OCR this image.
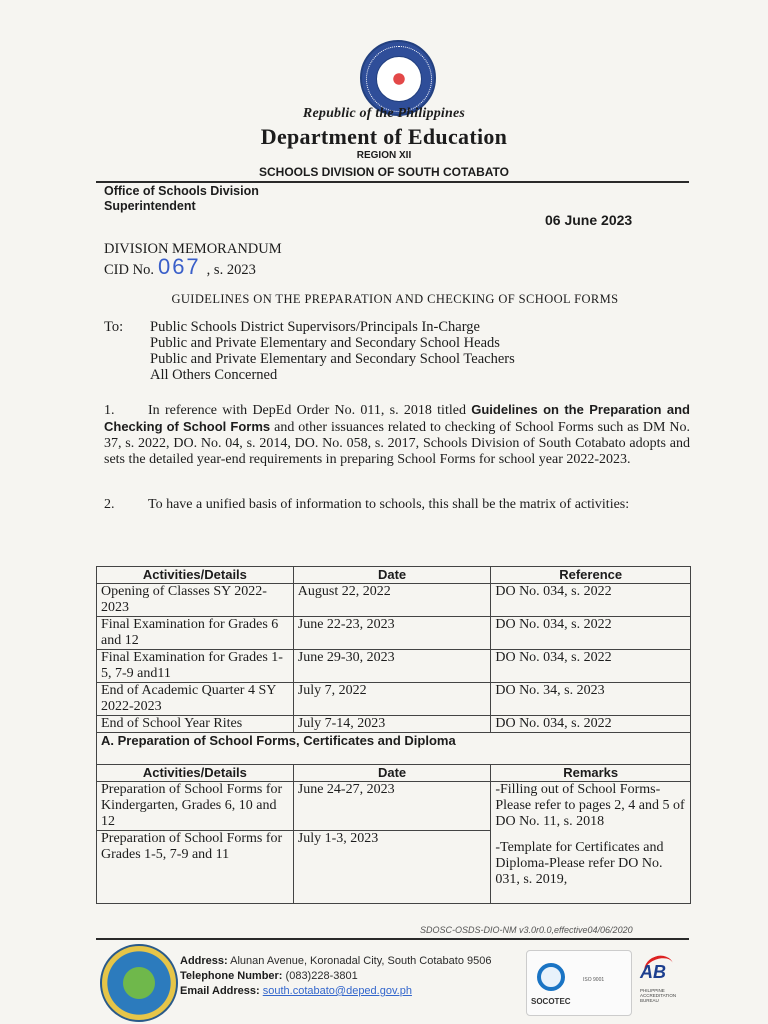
Republic of the Philippines
Department of Education
REGION XII
SCHOOLS DIVISION OF SOUTH COTABATO
Office of Schools Division
Superintendent
06 June 2023
DIVISION MEMORANDUM
CID No. 067 , s. 2023
GUIDELINES ON THE PREPARATION AND CHECKING OF SCHOOL FORMS
To: Public Schools District Supervisors/Principals In-Charge
Public and Private Elementary and Secondary School Heads
Public and Private Elementary and Secondary School Teachers
All Others Concerned
1. In reference with DepEd Order No. 011, s. 2018 titled Guidelines on the Preparation and Checking of School Forms and other issuances related to checking of School Forms such as DM No. 37, s. 2022, DO. No. 04, s. 2014, DO. No. 058, s. 2017, Schools Division of South Cotabato adopts and sets the detailed year-end requirements in preparing School Forms for school year 2022-2023.
2. To have a unified basis of information to schools, this shall be the matrix of activities:
Activities/Details	Date	Reference
Opening of Classes SY 2022-2023	August 22, 2022	DO No. 034, s. 2022
Final Examination for Grades 6 and 12	June 22-23, 2023	DO No. 034, s. 2022
Final Examination for Grades 1-5, 7-9 and11	June 29-30, 2023	DO No. 034, s. 2022
End of Academic Quarter 4 SY 2022-2023	July 7, 2022	DO No. 34, s. 2023
End of School Year Rites	July 7-14, 2023	DO No. 034, s. 2022
A. Preparation of School Forms, Certificates and Diploma		
Activities/Details	Date	Remarks
Preparation of School Forms for Kindergarten, Grades 6, 10 and 12	June 24-27, 2023	-Filling out of School Forms-Please refer to pages 2, 4 and 5 of DO No. 11, s. 2018
-Template for Certificates and Diploma-Please refer DO No. 031, s. 2019,

Preparation of School Forms for Grades 1-5, 7-9 and 11	July 1-3, 2023	
SDOSC-OSDS-DIO-NM v3.0r0.0,effective04/06/2020
Address: Alunan Avenue, Koronadal City, South Cotabato 9506
Telephone Number: (083)228-3801
Email Address: south.cotabato@deped.gov.ph
ISO 9001
SOCOTEC
AB
PHILIPPINE ACCREDITATION BUREAU
